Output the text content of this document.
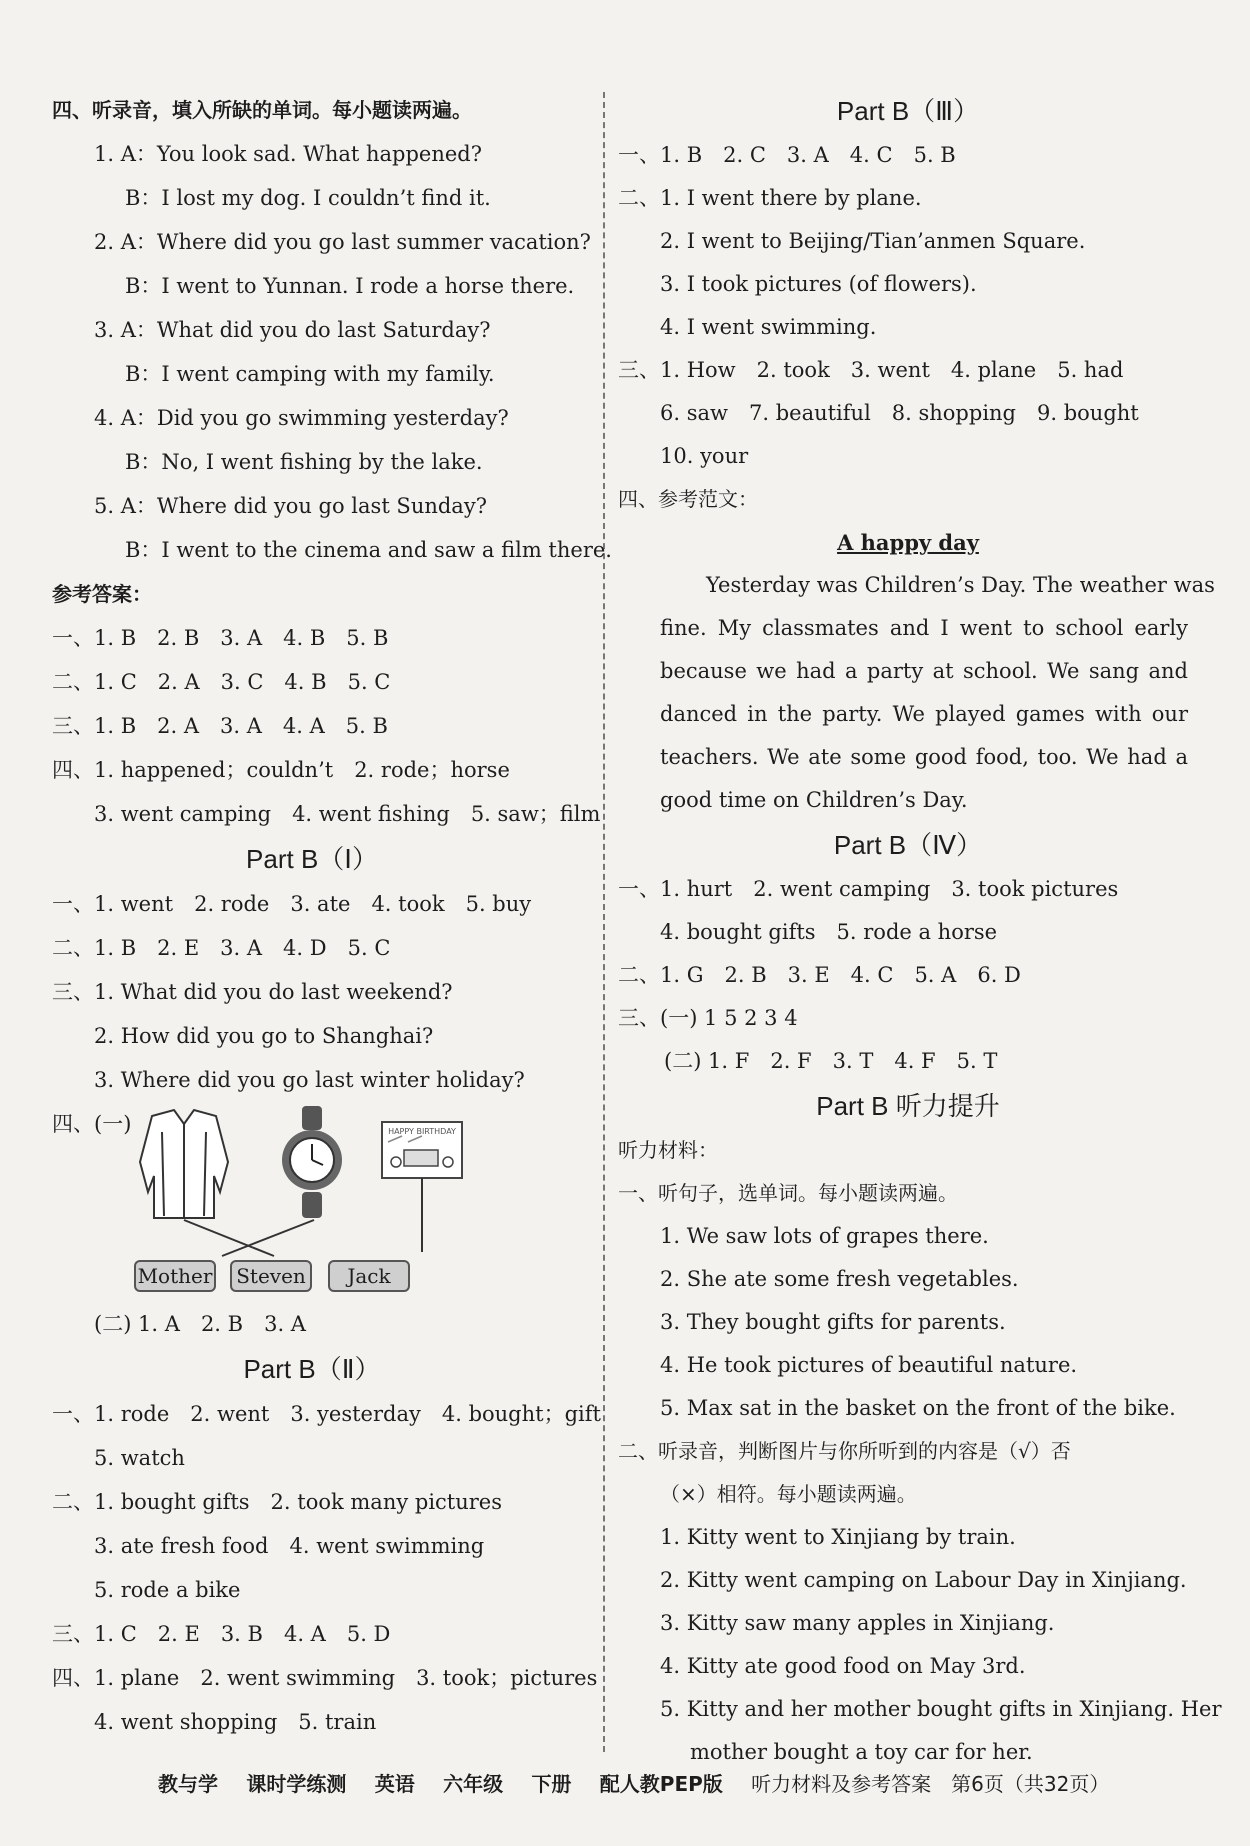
四、听录音，填入所缺的单词。每小题读两遍。
1. A：You look sad. What happened?
B：I lost my dog. I couldn’t find it.
2. A：Where did you go last summer vacation?
B：I went to Yunnan. I rode a horse there.
3. A：What did you do last Saturday?
B：I went camping with my family.
4. A：Did you go swimming yesterday?
B：No, I went fishing by the lake.
5. A：Where did you go last Sunday?
B：I went to the cinema and saw a film there.
参考答案：
一、1. B　2. B　3. A　4. B　5. B
二、1. C　2. A　3. C　4. B　5. C
三、1. B　2. A　3. A　4. A　5. B
四、1. happened；couldn’t　2. rode；horse
3. went camping　4. went fishing　5. saw；film
Part B（Ⅰ）
一、1. went　2. rode　3. ate　4. took　5. buy
二、1. B　2. E　3. A　4. D　5. C
三、1. What did you do last weekend?
2. How did you go to Shanghai?
3. Where did you go last winter holiday?
四、(一)	HAPPY BIRTHDAY
Mother	Steven	Jack
(二) 1. A　2. B　3. A
Part B（Ⅱ）
一、1. rode　2. went　3. yesterday　4. bought；gift
5. watch
二、1. bought gifts　2. took many pictures
3. ate fresh food　4. went swimming
5. rode a bike
三、1. C　2. E　3. B　4. A　5. D
四、1. plane　2. went swimming　3. took；pictures
4. went shopping　5. train
Part B（Ⅲ）
一、1. B　2. C　3. A　4. C　5. B
二、1. I went there by plane.
2. I went to Beijing/Tian’anmen Square.
3. I took pictures (of flowers).
4. I went swimming.
三、1. How　2. took　3. went　4. plane　5. had
6. saw　7. beautiful　8. shopping　9. bought
10. your
四、参考范文：
A happy day
Yesterday was Children’s Day. The weather was
fine. My classmates and I went to school early
because we had a party at school. We sang and
danced in the party. We played games with our
teachers. We ate some good food, too. We had a
good time on Children’s Day.
Part B（Ⅳ）
一、1. hurt　2. went camping　3. took pictures
4. bought gifts　5. rode a horse
二、1. G　2. B　3. E　4. C　5. A　6. D
三、(一) 1 5 2 3 4
(二) 1. F　2. F　3. T　4. F　5. T
Part B 听力提升
听力材料：
一、听句子，选单词。每小题读两遍。
1. We saw lots of grapes there.
2. She ate some fresh vegetables.
3. They bought gifts for parents.
4. He took pictures of beautiful nature.
5. Max sat in the basket on the front of the bike.
二、听录音，判断图片与你所听到的内容是（√）否
（×）相符。每小题读两遍。
1. Kitty went to Xinjiang by train.
2. Kitty went camping on Labour Day in Xinjiang.
3. Kitty saw many apples in Xinjiang.
4. Kitty ate good food on May 3rd.
5. Kitty and her mother bought gifts in Xinjiang. Her
mother bought a toy car for her.
教与学 课时学练测 英语 六年级 下册 配人教PEP版 听力材料及参考答案　第6页（共32页）
